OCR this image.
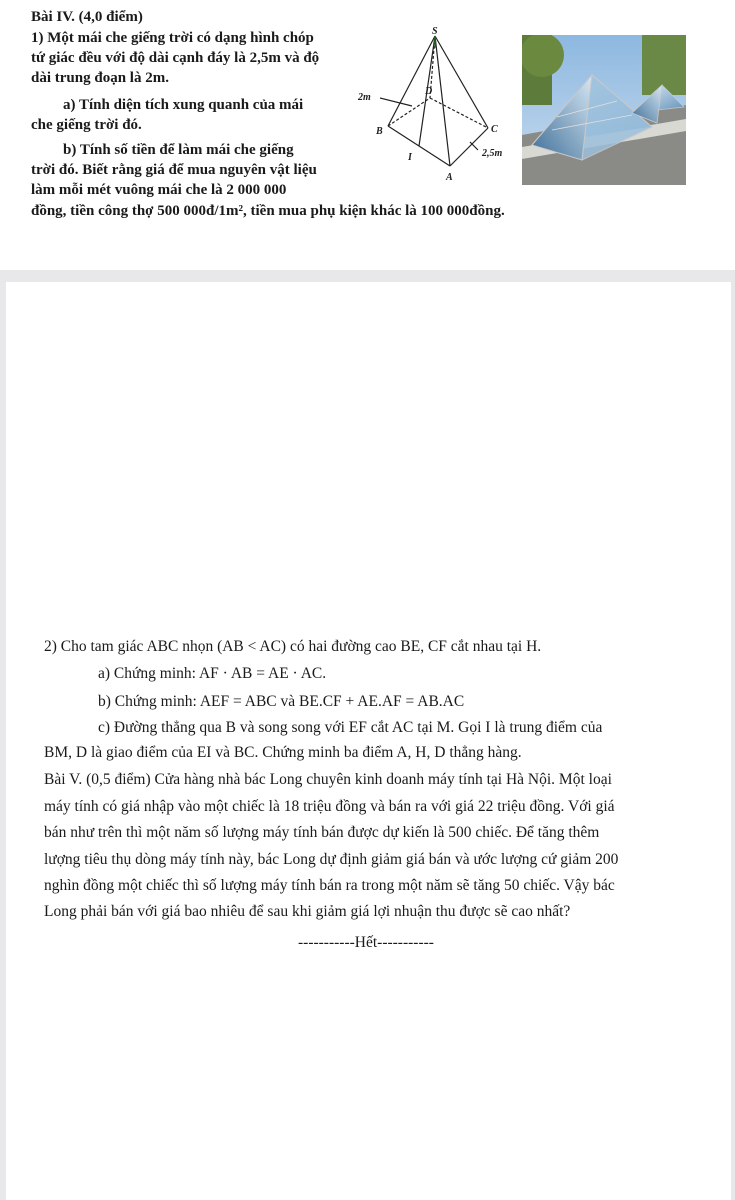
Bài IV. (4,0 điểm)
1) Một mái che giếng trời có dạng hình chóp
tứ giác đều với độ dài cạnh đáy là 2,5m và độ
dài trung đoạn là 2m.
a) Tính diện tích xung quanh của mái
che giếng trời đó.
b) Tính số tiền để làm mái che giếng
trời đó. Biết rằng giá để mua nguyên vật liệu
làm mỗi mét vuông mái che là 2 000 000
đồng, tiền công thợ 500 000đ/1m², tiền mua phụ kiện khác là 100 000đồng.
S
D
B	C
I
A
2m
2,5m
2) Cho tam giác ABC nhọn (AB < AC) có hai đường cao BE, CF cắt nhau tại H.
a) Chứng minh: AF · AB = AE · AC.
b) Chứng minh: AEF = ABC và BE.CF + AE.AF = AB.AC
c) Đường thẳng qua B và song song với EF cắt AC tại M. Gọi I là trung điểm của
BM, D là giao điểm của EI và BC. Chứng minh ba điểm A, H, D thẳng hàng.
Bài V. (0,5 điểm) Cửa hàng nhà bác Long chuyên kinh doanh máy tính tại Hà Nội. Một loại
máy tính có giá nhập vào một chiếc là 18 triệu đồng và bán ra với giá 22 triệu đồng. Với giá
bán như trên thì một năm số lượng máy tính bán được dự kiến là 500 chiếc. Để tăng thêm
lượng tiêu thụ dòng máy tính này, bác Long dự định giảm giá bán và ước lượng cứ giảm 200
nghìn đồng một chiếc thì số lượng máy tính bán ra trong một năm sẽ tăng 50 chiếc. Vậy bác
Long phải bán với giá bao nhiêu để sau khi giảm giá lợi nhuận thu được sẽ cao nhất?
-----------Hết-----------
